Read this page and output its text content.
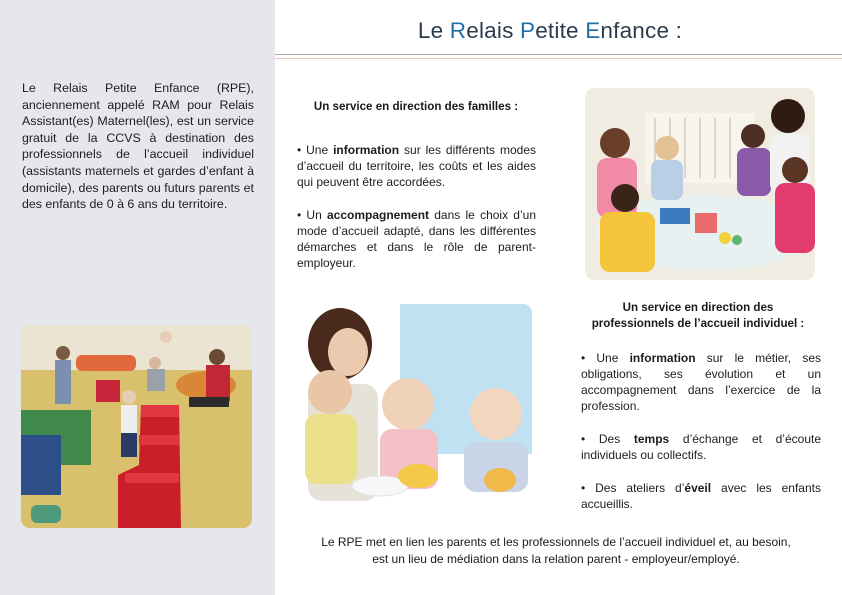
Le Relais Petite Enfance (RPE), anciennement appelé RAM pour Relais Assistant(es) Maternel(les), est un service gratuit de la CCVS à destination des professionnels de l’accueil individuel (assistants maternels et gardes d’enfant à domicile), des parents ou futurs parents et des enfants de 0 à 6 ans du territoire.

Le Relais Petite Enfance :
Un service en direction des familles :

• Une information sur les différents modes d’accueil du territoire, les coûts et les aides qui peuvent être accordées.

• Un accompagnement dans le choix d’un mode d’accueil adapté, dans les différentes démarches et dans le rôle de parent-employeur.

Un service en direction des
professionnels de l’accueil individuel :

• Une information sur le métier, ses obligations, ses évolution et un accompagnement dans l’exercice de la profession.

• Des temps d’échange et d’écoute individuels ou collectifs.

• Des ateliers d’éveil avec les enfants accueillis.

Le RPE met en lien les parents et les professionnels de l’accueil individuel et, au besoin,
est un lieu de médiation dans la relation parent - employeur/employé.
